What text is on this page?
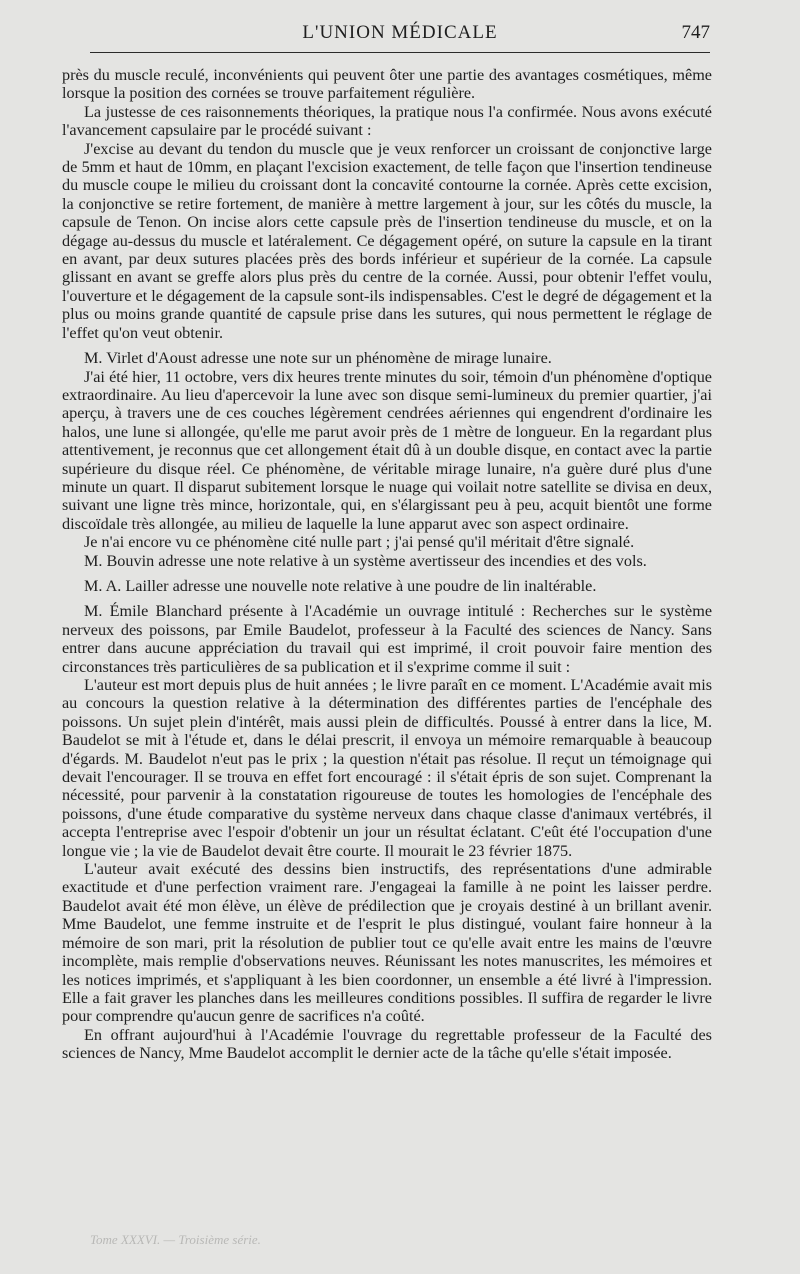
L'UNION MÉDICALE	747

près du muscle reculé, inconvénients qui peuvent ôter une partie des avantages cosmétiques, même lorsque la position des cornées se trouve parfaitement régulière.

La justesse de ces raisonnements théoriques, la pratique nous l'a confirmée. Nous avons exécuté l'avancement capsulaire par le procédé suivant :

J'excise au devant du tendon du muscle que je veux renforcer un croissant de conjonctive large de 5mm et haut de 10mm, en plaçant l'excision exactement, de telle façon que l'insertion tendineuse du muscle coupe le milieu du croissant dont la concavité contourne la cornée. Après cette excision, la conjonctive se retire fortement, de manière à mettre largement à jour, sur les côtés du muscle, la capsule de Tenon. On incise alors cette capsule près de l'insertion tendineuse du muscle, et on la dégage au-dessus du muscle et latéralement. Ce dégagement opéré, on suture la capsule en la tirant en avant, par deux sutures placées près des bords inférieur et supérieur de la cornée. La capsule glissant en avant se greffe alors plus près du centre de la cornée. Aussi, pour obtenir l'effet voulu, l'ouverture et le dégagement de la capsule sont-ils indispensables. C'est le degré de dégagement et la plus ou moins grande quantité de capsule prise dans les sutures, qui nous permettent le réglage de l'effet qu'on veut obtenir.

M. Virlet d'Aoust adresse une note sur un phénomène de mirage lunaire.

J'ai été hier, 11 octobre, vers dix heures trente minutes du soir, témoin d'un phénomène d'optique extraordinaire. Au lieu d'apercevoir la lune avec son disque semi-lumineux du premier quartier, j'ai aperçu, à travers une de ces couches légèrement cendrées aériennes qui engendrent d'ordinaire les halos, une lune si allongée, qu'elle me parut avoir près de 1 mètre de longueur. En la regardant plus attentivement, je reconnus que cet allongement était dû à un double disque, en contact avec la partie supérieure du disque réel. Ce phénomène, de véritable mirage lunaire, n'a guère duré plus d'une minute un quart. Il disparut subitement lorsque le nuage qui voilait notre satellite se divisa en deux, suivant une ligne très mince, horizontale, qui, en s'élargissant peu à peu, acquit bientôt une forme discoïdale très allongée, au milieu de laquelle la lune apparut avec son aspect ordinaire.

Je n'ai encore vu ce phénomène cité nulle part ; j'ai pensé qu'il méritait d'être signalé.

M. Bouvin adresse une note relative à un système avertisseur des incendies et des vols.

M. A. Lailler adresse une nouvelle note relative à une poudre de lin inaltérable.

M. Émile Blanchard présente à l'Académie un ouvrage intitulé : Recherches sur le système nerveux des poissons, par Emile Baudelot, professeur à la Faculté des sciences de Nancy. Sans entrer dans aucune appréciation du travail qui est imprimé, il croit pouvoir faire mention des circonstances très particulières de sa publication et il s'exprime comme il suit :

L'auteur est mort depuis plus de huit années ; le livre paraît en ce moment. L'Académie avait mis au concours la question relative à la détermination des différentes parties de l'encéphale des poissons. Un sujet plein d'intérêt, mais aussi plein de difficultés. Poussé à entrer dans la lice, M. Baudelot se mit à l'étude et, dans le délai prescrit, il envoya un mémoire remarquable à beaucoup d'égards. M. Baudelot n'eut pas le prix ; la question n'était pas résolue. Il reçut un témoignage qui devait l'encourager. Il se trouva en effet fort encouragé : il s'était épris de son sujet. Comprenant la nécessité, pour parvenir à la constatation rigoureuse de toutes les homologies de l'encéphale des poissons, d'une étude comparative du système nerveux dans chaque classe d'animaux vertébrés, il accepta l'entreprise avec l'espoir d'obtenir un jour un résultat éclatant. C'eût été l'occupation d'une longue vie ; la vie de Baudelot devait être courte. Il mourait le 23 février 1875.

L'auteur avait exécuté des dessins bien instructifs, des représentations d'une admirable exactitude et d'une perfection vraiment rare. J'engageai la famille à ne point les laisser perdre. Baudelot avait été mon élève, un élève de prédilection que je croyais destiné à un brillant avenir. Mme Baudelot, une femme instruite et de l'esprit le plus distingué, voulant faire honneur à la mémoire de son mari, prit la résolution de publier tout ce qu'elle avait entre les mains de l'œuvre incomplète, mais remplie d'observations neuves. Réunissant les notes manuscrites, les mémoires et les notices imprimés, et s'appliquant à les bien coordonner, un ensemble a été livré à l'impression. Elle a fait graver les planches dans les meilleures conditions possibles. Il suffira de regarder le livre pour comprendre qu'aucun genre de sacrifices n'a coûté.

En offrant aujourd'hui à l'Académie l'ouvrage du regrettable professeur de la Faculté des sciences de Nancy, Mme Baudelot accomplit le dernier acte de la tâche qu'elle s'était imposée.

Tome XXXVI. — Troisième série.
